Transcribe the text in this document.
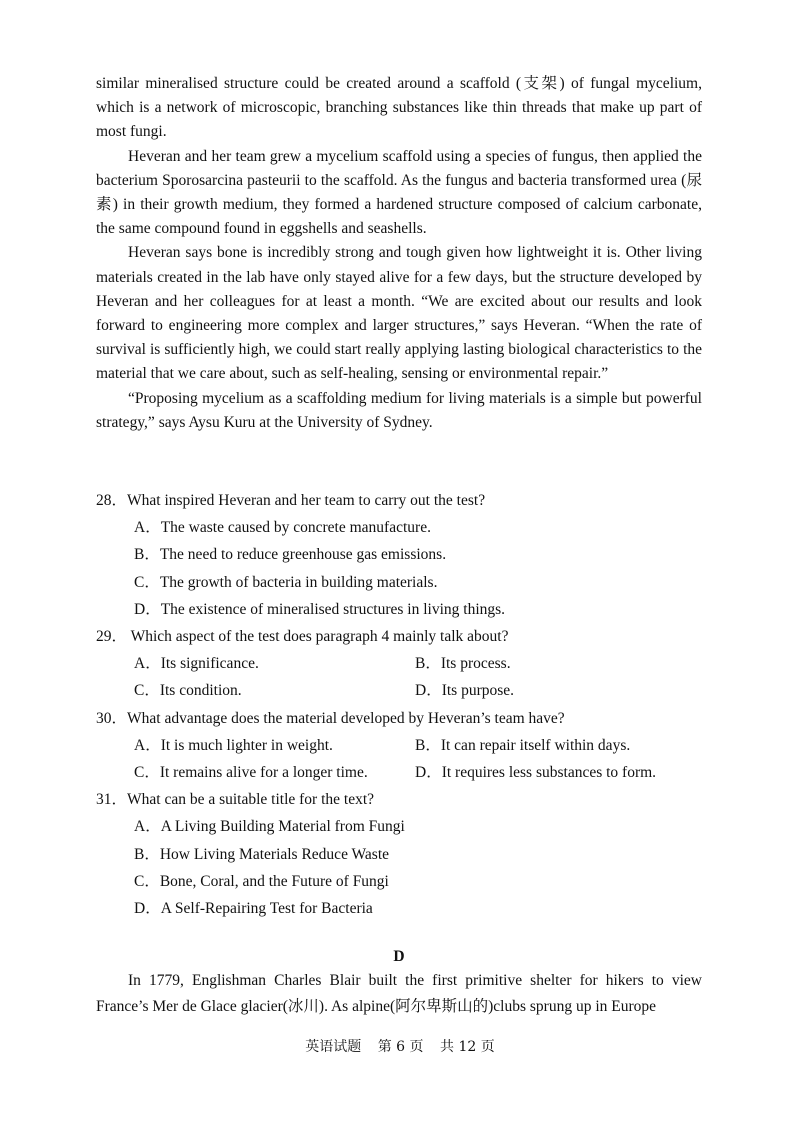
similar mineralised structure could be created around a scaffold (支架) of fungal mycelium, which is a network of microscopic, branching substances like thin threads that make up part of most fungi.

Heveran and her team grew a mycelium scaffold using a species of fungus, then applied the bacterium Sporosarcina pasteurii to the scaffold. As the fungus and bacteria transformed urea (尿素) in their growth medium, they formed a hardened structure composed of calcium carbonate, the same compound found in eggshells and seashells.

Heveran says bone is incredibly strong and tough given how lightweight it is. Other living materials created in the lab have only stayed alive for a few days, but the structure developed by Heveran and her colleagues for at least a month. “We are excited about our results and look forward to engineering more complex and larger structures,” says Heveran. “When the rate of survival is sufficiently high, we could start really applying lasting biological characteristics to the material that we care about, such as self-healing, sensing or environmental repair.”

“Proposing mycelium as a scaffolding medium for living materials is a simple but powerful strategy,” says Aysu Kuru at the University of Sydney.

28．What inspired Heveran and her team to carry out the test?
A．The waste caused by concrete manufacture.
B．The need to reduce greenhouse gas emissions.
C．The growth of bacteria in building materials.
D．The existence of mineralised structures in living things.
29． Which aspect of the test does paragraph 4 mainly talk about?
A．Its significance.	B．Its process.
C．Its condition.	D．Its purpose.
30．What advantage does the material developed by Heveran’s team have?
A．It is much lighter in weight.	B．It can repair itself within days.
C．It remains alive for a longer time.	D．It requires less substances to form.
31．What can be a suitable title for the text?
A．A Living Building Material from Fungi
B．How Living Materials Reduce Waste
C．Bone, Coral, and the Future of Fungi
D．A Self-Repairing Test for Bacteria
D

In 1779, Englishman Charles Blair built the first primitive shelter for hikers to view France’s Mer de Glace glacier(冰川). As alpine(阿尔卑斯山的)clubs sprung up in Europe

英语试题 第 6 页 共 12 页
